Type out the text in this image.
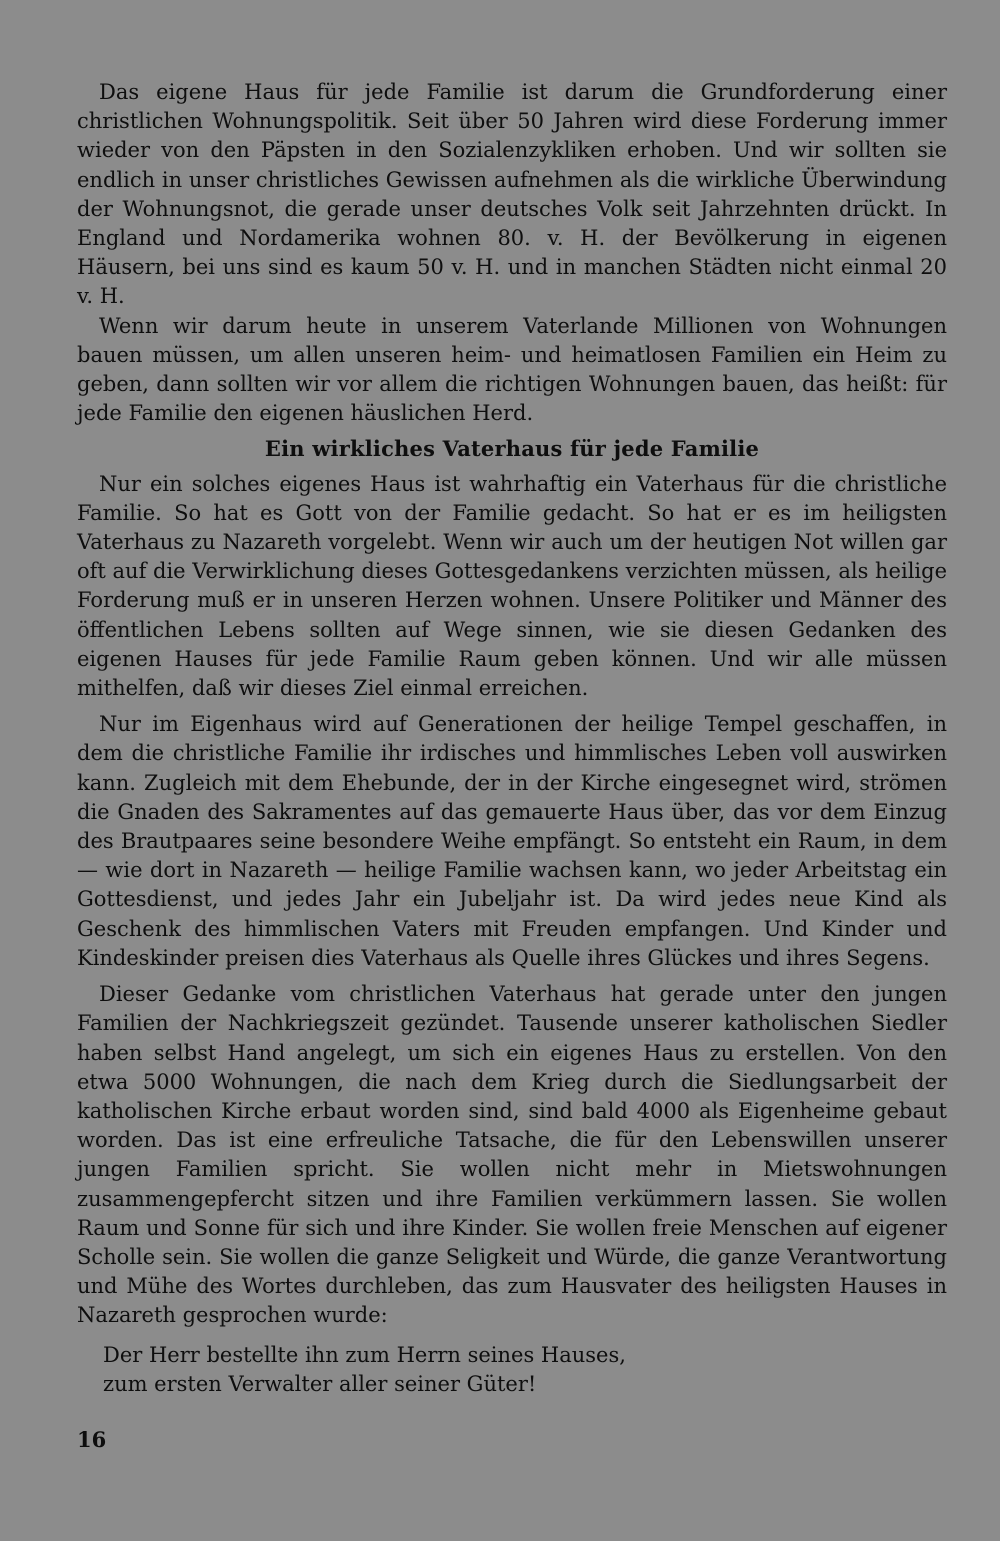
Das eigene Haus für jede Familie ist darum die Grundforderung einer christlichen Wohnungspolitik. Seit über 50 Jahren wird diese Forderung immer wieder von den Päpsten in den Sozialenzykliken erhoben. Und wir sollten sie endlich in unser christliches Gewissen aufnehmen als die wirkliche Überwindung der Wohnungsnot, die gerade unser deutsches Volk seit Jahrzehnten drückt. In England und Nordamerika wohnen 80. v. H. der Bevölkerung in eigenen Häusern, bei uns sind es kaum 50 v. H. und in manchen Städten nicht einmal 20 v. H.

Wenn wir darum heute in unserem Vaterlande Millionen von Wohnungen bauen müssen, um allen unseren heim- und heimatlosen Familien ein Heim zu geben, dann sollten wir vor allem die richtigen Wohnungen bauen, das heißt: für jede Familie den eigenen häuslichen Herd.

Ein wirkliches Vaterhaus für jede Familie

Nur ein solches eigenes Haus ist wahrhaftig ein Vaterhaus für die christliche Familie. So hat es Gott von der Familie gedacht. So hat er es im heiligsten Vaterhaus zu Nazareth vorgelebt. Wenn wir auch um der heutigen Not willen gar oft auf die Verwirklichung dieses Gottesgedankens verzichten müssen, als heilige Forderung muß er in unseren Herzen wohnen. Unsere Politiker und Männer des öffentlichen Lebens sollten auf Wege sinnen, wie sie diesen Gedanken des eigenen Hauses für jede Familie Raum geben können. Und wir alle müssen mithelfen, daß wir dieses Ziel einmal erreichen.

Nur im Eigenhaus wird auf Generationen der heilige Tempel geschaffen, in dem die christliche Familie ihr irdisches und himmlisches Leben voll auswirken kann. Zugleich mit dem Ehebunde, der in der Kirche eingesegnet wird, strömen die Gnaden des Sakramentes auf das gemauerte Haus über, das vor dem Einzug des Brautpaares seine besondere Weihe empfängt. So entsteht ein Raum, in dem — wie dort in Nazareth — heilige Familie wachsen kann, wo jeder Arbeitstag ein Gottesdienst, und jedes Jahr ein Jubeljahr ist. Da wird jedes neue Kind als Geschenk des himmlischen Vaters mit Freuden empfangen. Und Kinder und Kindeskinder preisen dies Vaterhaus als Quelle ihres Glückes und ihres Segens.

Dieser Gedanke vom christlichen Vaterhaus hat gerade unter den jungen Familien der Nachkriegszeit gezündet. Tausende unserer katholischen Siedler haben selbst Hand angelegt, um sich ein eigenes Haus zu erstellen. Von den etwa 5000 Wohnungen, die nach dem Krieg durch die Siedlungsarbeit der katholischen Kirche erbaut worden sind, sind bald 4000 als Eigenheime gebaut worden. Das ist eine erfreuliche Tatsache, die für den Lebenswillen unserer jungen Familien spricht. Sie wollen nicht mehr in Mietswohnungen zusammengepfercht sitzen und ihre Familien verkümmern lassen. Sie wollen Raum und Sonne für sich und ihre Kinder. Sie wollen freie Menschen auf eigener Scholle sein. Sie wollen die ganze Seligkeit und Würde, die ganze Verantwortung und Mühe des Wortes durchleben, das zum Hausvater des heiligsten Hauses in Nazareth gesprochen wurde:

Der Herr bestellte ihn zum Herrn seines Hauses,
zum ersten Verwalter aller seiner Güter!
16
